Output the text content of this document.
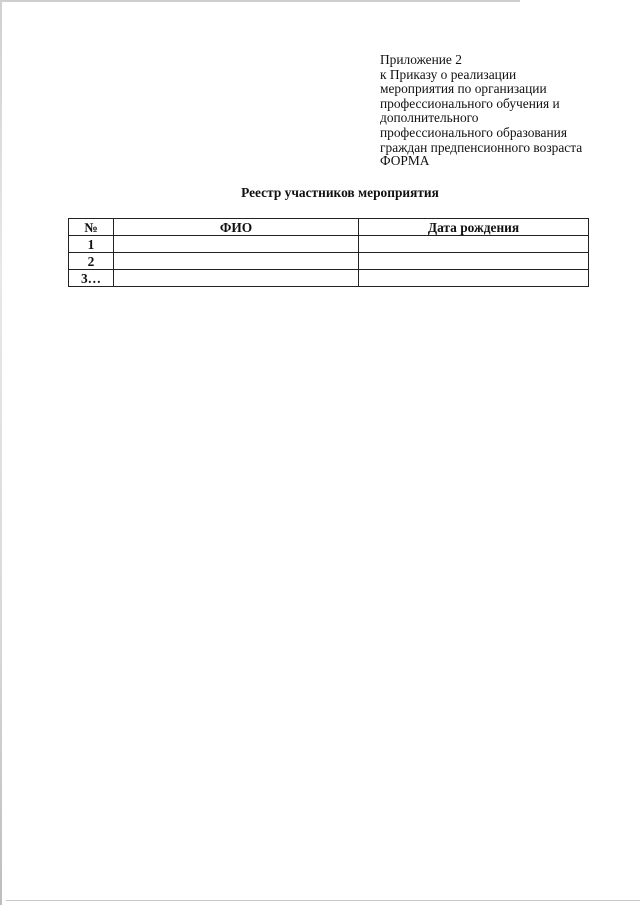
Приложение 2
к Приказу о реализации
мероприятия по организации
профессионального обучения и
дополнительного
профессионального образования
граждан предпенсионного возраста
ФОРМА
Реестр участников мероприятия
№	ФИО	Дата рождения
1		
2		
3…		
